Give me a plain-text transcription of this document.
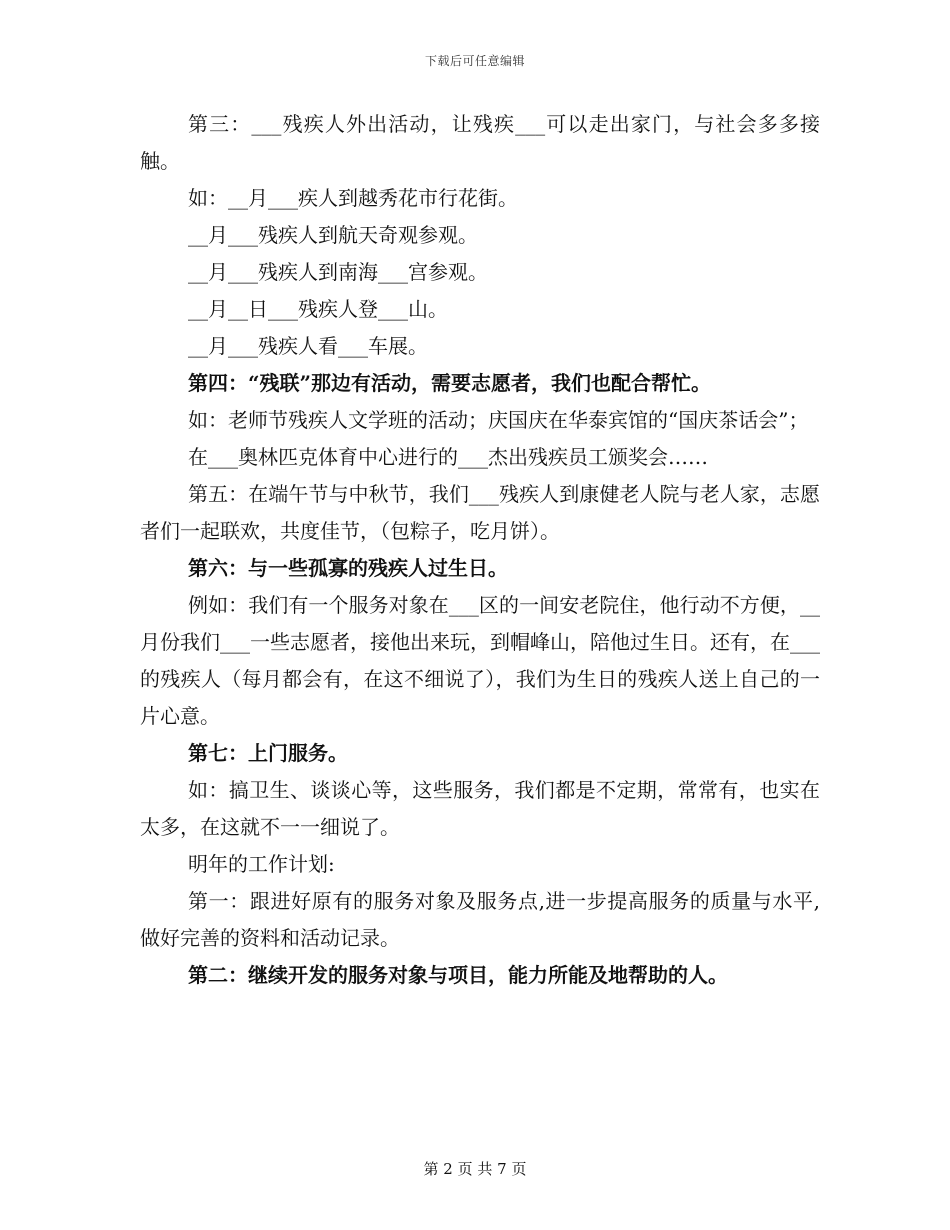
下载后可任意编辑

第三：___残疾人外出活动，让残疾___可以走出家门，与社会多多接触。

如：__月___疾人到越秀花市行花街。

__月___残疾人到航天奇观参观。

__月___残疾人到南海___宫参观。

__月__日___残疾人登___山。

__月___残疾人看___车展。

第四：“残联”那边有活动，需要志愿者，我们也配合帮忙。

如：老师节残疾人文学班的活动；庆国庆在华泰宾馆的“国庆茶话会”；

在___奥林匹克体育中心进行的___杰出残疾员工颁奖会……

第五：在端午节与中秋节，我们___残疾人到康健老人院与老人家，志愿者们一起联欢，共度佳节，（包粽子，吃月饼）。

第六：与一些孤寡的残疾人过生日。

例如：我们有一个服务对象在___区的一间安老院住，他行动不方便，__月份我们___一些志愿者，接他出来玩，到帽峰山，陪他过生日。还有，在___的残疾人（每月都会有，在这不细说了），我们为生日的残疾人送上自己的一片心意。

第七：上门服务。

如：搞卫生、谈谈心等，这些服务，我们都是不定期，常常有，也实在太多，在这就不一一细说了。

明年的工作计划:

第一：跟进好原有的服务对象及服务点,进一步提高服务的质量与水平,做好完善的资料和活动记录。

第二：继续开发的服务对象与项目，能力所能及地帮助的人。

第 2 页 共 7 页
